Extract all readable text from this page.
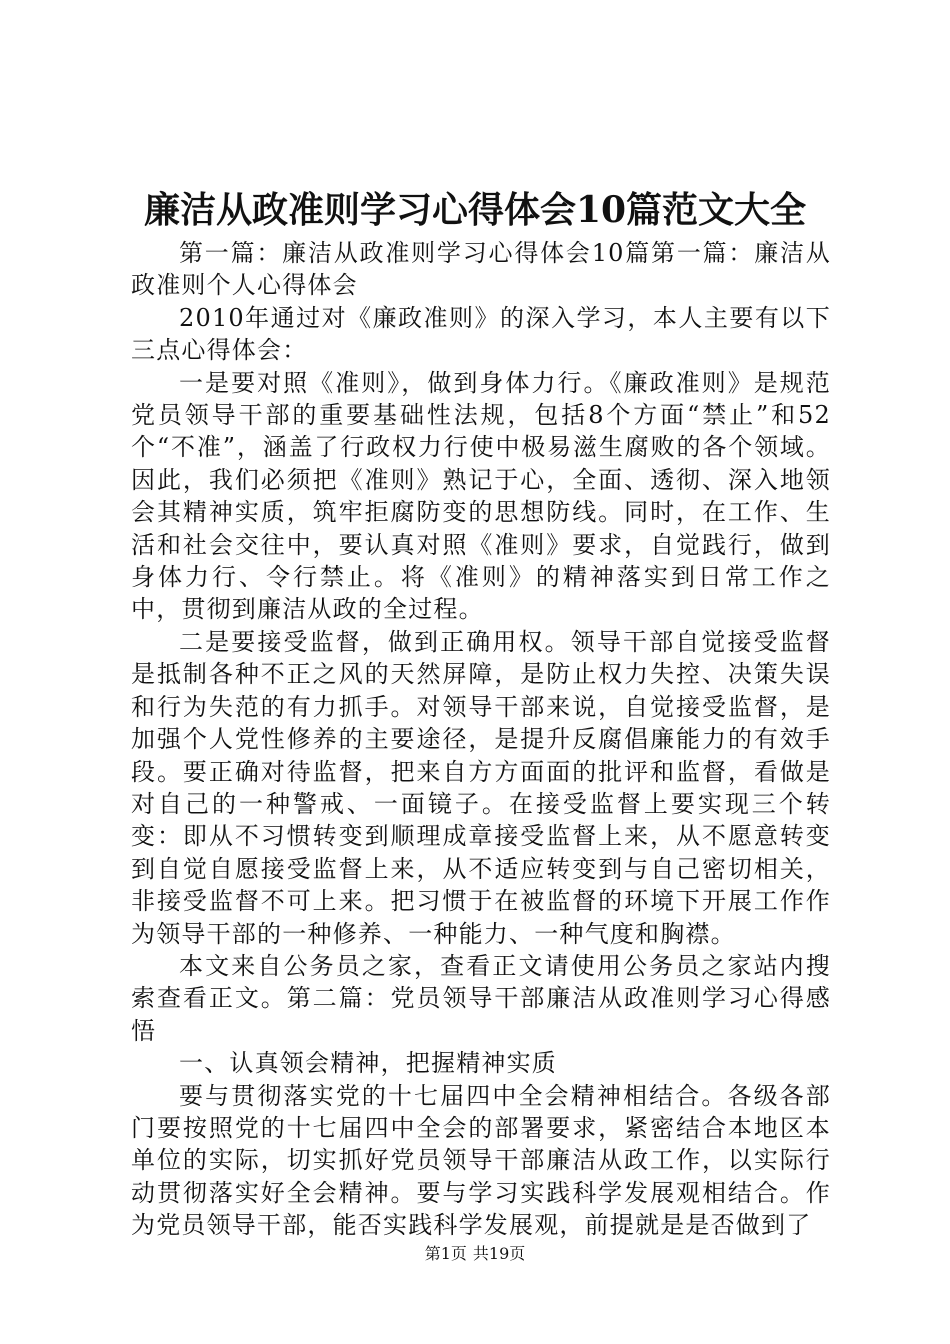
廉洁从政准则学习心得体会10篇范文大全

第一篇：廉洁从政准则学习心得体会10篇第一篇：廉洁从政准则个人心得体会

2010年通过对《廉政准则》的深入学习，本人主要有以下三点心得体会：

一是要对照《准则》，做到身体力行。《廉政准则》是规范党员领导干部的重要基础性法规，包括8个方面“禁止”和52个“不准”，涵盖了行政权力行使中极易滋生腐败的各个领域。因此，我们必须把《准则》熟记于心，全面、透彻、深入地领会其精神实质，筑牢拒腐防变的思想防线。同时，在工作、生活和社会交往中，要认真对照《准则》要求，自觉践行，做到身体力行、令行禁止。将《准则》的精神落实到日常工作之中，贯彻到廉洁从政的全过程。

二是要接受监督，做到正确用权。领导干部自觉接受监督是抵制各种不正之风的天然屏障，是防止权力失控、决策失误和行为失范的有力抓手。对领导干部来说，自觉接受监督，是加强个人党性修养的主要途径，是提升反腐倡廉能力的有效手段。要正确对待监督，把来自方方面面的批评和监督，看做是对自己的一种警戒、一面镜子。在接受监督上要实现三个转变：即从不习惯转变到顺理成章接受监督上来，从不愿意转变到自觉自愿接受监督上来，从不适应转变到与自己密切相关，非接受监督不可上来。把习惯于在被监督的环境下开展工作作为领导干部的一种修养、一种能力、一种气度和胸襟。

本文来自公务员之家，查看正文请使用公务员之家站内搜索查看正文。第二篇：党员领导干部廉洁从政准则学习心得感悟

一、认真领会精神，把握精神实质

要与贯彻落实党的十七届四中全会精神相结合。各级各部门要按照党的十七届四中全会的部署要求，紧密结合本地区本单位的实际，切实抓好党员领导干部廉洁从政工作，以实际行动贯彻落实好全会精神。要与学习实践科学发展观相结合。作为党员领导干部，能否实践科学发展观，前提就是是否做到了

第1页 共19页
